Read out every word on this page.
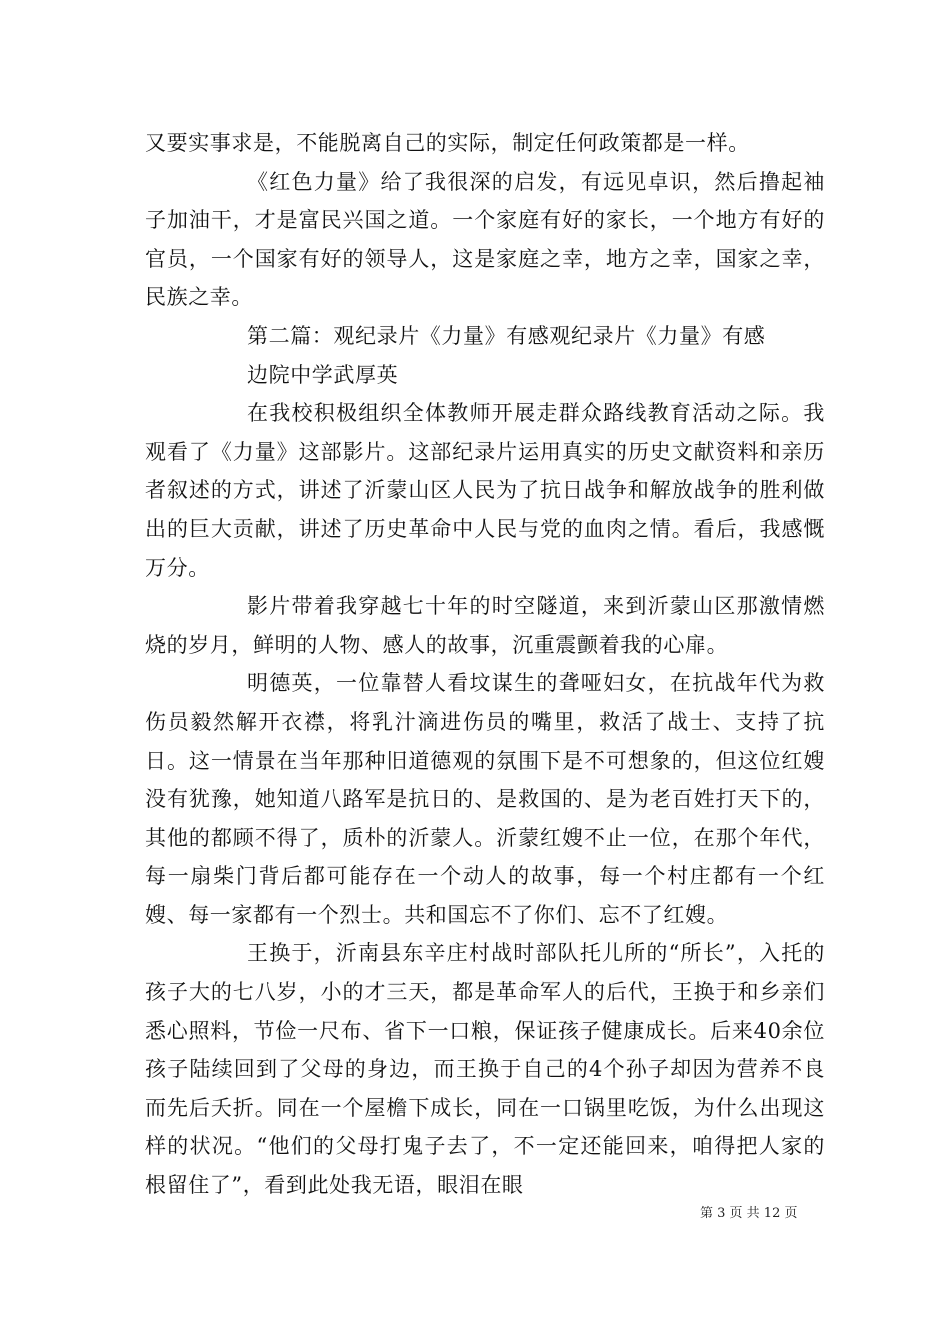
又要实事求是，不能脱离自己的实际，制定任何政策都是一样。

《红色力量》给了我很深的启发，有远见卓识，然后撸起袖子加油干，才是富民兴国之道。一个家庭有好的家长，一个地方有好的官员，一个国家有好的领导人，这是家庭之幸，地方之幸，国家之幸，民族之幸。

第二篇：观纪录片《力量》有感观纪录片《力量》有感

边院中学武厚英

在我校积极组织全体教师开展走群众路线教育活动之际。我观看了《力量》这部影片。这部纪录片运用真实的历史文献资料和亲历者叙述的方式，讲述了沂蒙山区人民为了抗日战争和解放战争的胜利做出的巨大贡献，讲述了历史革命中人民与党的血肉之情。看后，我感慨万分。

影片带着我穿越七十年的时空隧道，来到沂蒙山区那激情燃烧的岁月，鲜明的人物、感人的故事，沉重震颤着我的心扉。

明德英，一位靠替人看坟谋生的聋哑妇女，在抗战年代为救伤员毅然解开衣襟，将乳汁滴进伤员的嘴里，救活了战士、支持了抗日。这一情景在当年那种旧道德观的氛围下是不可想象的，但这位红嫂没有犹豫，她知道八路军是抗日的、是救国的、是为老百姓打天下的，其他的都顾不得了，质朴的沂蒙人。沂蒙红嫂不止一位，在那个年代，每一扇柴门背后都可能存在一个动人的故事，每一个村庄都有一个红嫂、每一家都有一个烈士。共和国忘不了你们、忘不了红嫂。

王换于，沂南县东辛庄村战时部队托儿所的“所长”，入托的孩子大的七八岁，小的才三天，都是革命军人的后代，王换于和乡亲们悉心照料，节俭一尺布、省下一口粮，保证孩子健康成长。后来40余位孩子陆续回到了父母的身边，而王换于自己的4个孙子却因为营养不良而先后夭折。同在一个屋檐下成长，同在一口锅里吃饭，为什么出现这样的状况。“他们的父母打鬼子去了，不一定还能回来，咱得把人家的根留住了”，看到此处我无语，眼泪在眼

第 3 页 共 12 页
